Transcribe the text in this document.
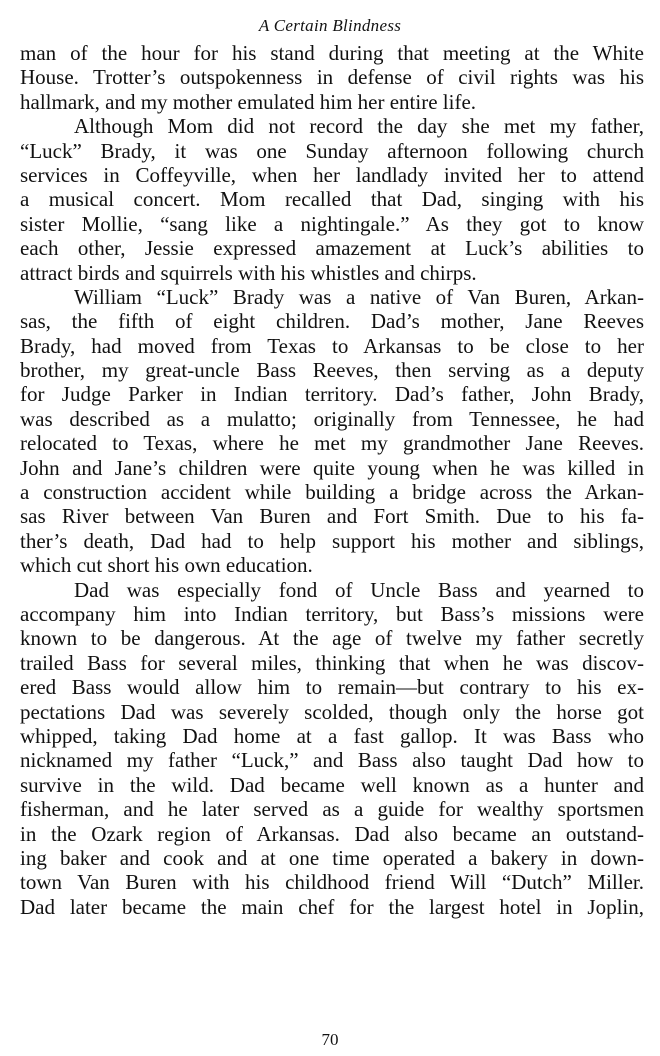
A Certain Blindness
man of the hour for his stand during that meeting at the White
House. Trotter’s outspokenness in defense of civil rights was his
hallmark, and my mother emulated him her entire life.
Although Mom did not record the day she met my father,
“Luck” Brady, it was one Sunday afternoon following church
services in Coffeyville, when her landlady invited her to attend
a musical concert. Mom recalled that Dad, singing with his
sister Mollie, “sang like a nightingale.” As they got to know
each other, Jessie expressed amazement at Luck’s abilities to
attract birds and squirrels with his whistles and chirps.
William “Luck” Brady was a native of Van Buren, Arkan-
sas, the fifth of eight children. Dad’s mother, Jane Reeves
Brady, had moved from Texas to Arkansas to be close to her
brother, my great-uncle Bass Reeves, then serving as a deputy
for Judge Parker in Indian territory. Dad’s father, John Brady,
was described as a mulatto; originally from Tennessee, he had
relocated to Texas, where he met my grandmother Jane Reeves.
John and Jane’s children were quite young when he was killed in
a construction accident while building a bridge across the Arkan-
sas River between Van Buren and Fort Smith. Due to his fa-
ther’s death, Dad had to help support his mother and siblings,
which cut short his own education.
Dad was especially fond of Uncle Bass and yearned to
accompany him into Indian territory, but Bass’s missions were
known to be dangerous. At the age of twelve my father secretly
trailed Bass for several miles, thinking that when he was discov-
ered Bass would allow him to remain—but contrary to his ex-
pectations Dad was severely scolded, though only the horse got
whipped, taking Dad home at a fast gallop. It was Bass who
nicknamed my father “Luck,” and Bass also taught Dad how to
survive in the wild. Dad became well known as a hunter and
fisherman, and he later served as a guide for wealthy sportsmen
in the Ozark region of Arkansas. Dad also became an outstand-
ing baker and cook and at one time operated a bakery in down-
town Van Buren with his childhood friend Will “Dutch” Miller.
Dad later became the main chef for the largest hotel in Joplin,
70
